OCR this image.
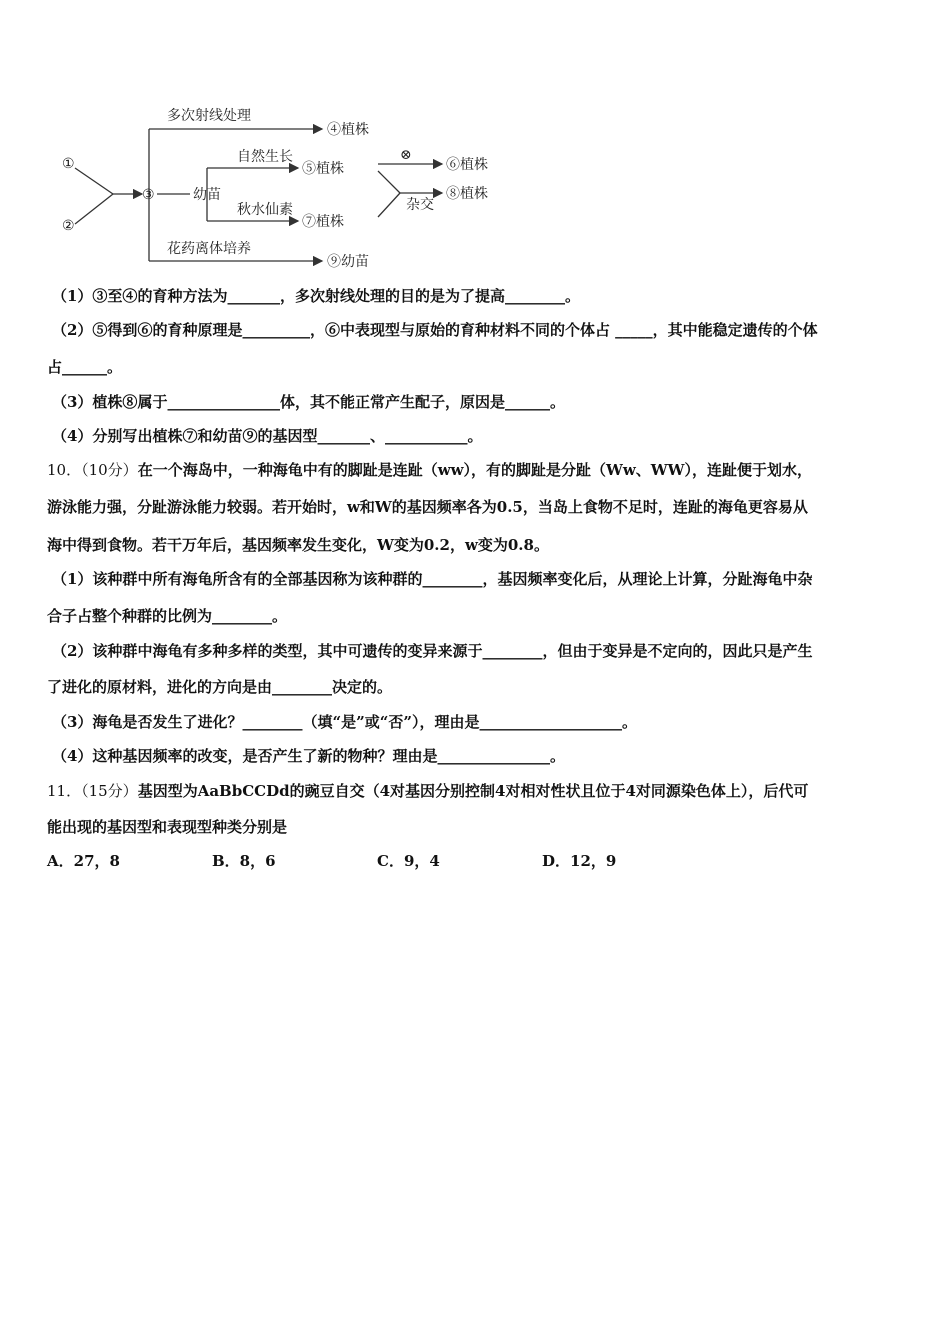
①
②
③	幼苗
多次射线处理
④植株
自然生长
⑤植株
⊗
⑥植株
杂交
⑧植株
秋水仙素
⑦植株
花药离体培养
⑨幼苗
（1）③至④的育种方法为_______，多次射线处理的目的是为了提高________。
（2）⑤得到⑥的育种原理是_________，⑥中表现型与原始的育种材料不同的个体占 _____，其中能稳定遗传的个体
占______。
（3）植株⑧属于_______________体，其不能正常产生配子，原因是______。
（4）分别写出植株⑦和幼苗⑨的基因型_______、___________。
10．（10分）在一个海岛中，一种海龟中有的脚趾是连趾（ww），有的脚趾是分趾（Ww、WW），连趾便于划水，
游泳能力强，分趾游泳能力较弱。若开始时，w和W的基因频率各为0.5，当岛上食物不足时，连趾的海龟更容易从
海中得到食物。若干万年后，基因频率发生变化，W变为0.2，w变为0.8。
（1）该种群中所有海龟所含有的全部基因称为该种群的________，基因频率变化后，从理论上计算，分趾海龟中杂
合子占整个种群的比例为________。
（2）该种群中海龟有多种多样的类型，其中可遗传的变异来源于________，但由于变异是不定向的，因此只是产生
了进化的原材料，进化的方向是由________决定的。
（3）海龟是否发生了进化？________（填“是”或“否”），理由是___________________。
（4）这种基因频率的改变，是否产生了新的物种？理由是_______________。
11．（15分）基因型为AaBbCCDd的豌豆自交（4对基因分别控制4对相对性状且位于4对同源染色体上），后代可
能出现的基因型和表现型种类分别是
A．27，8	B．8，6	C．9，4	D．12，9
